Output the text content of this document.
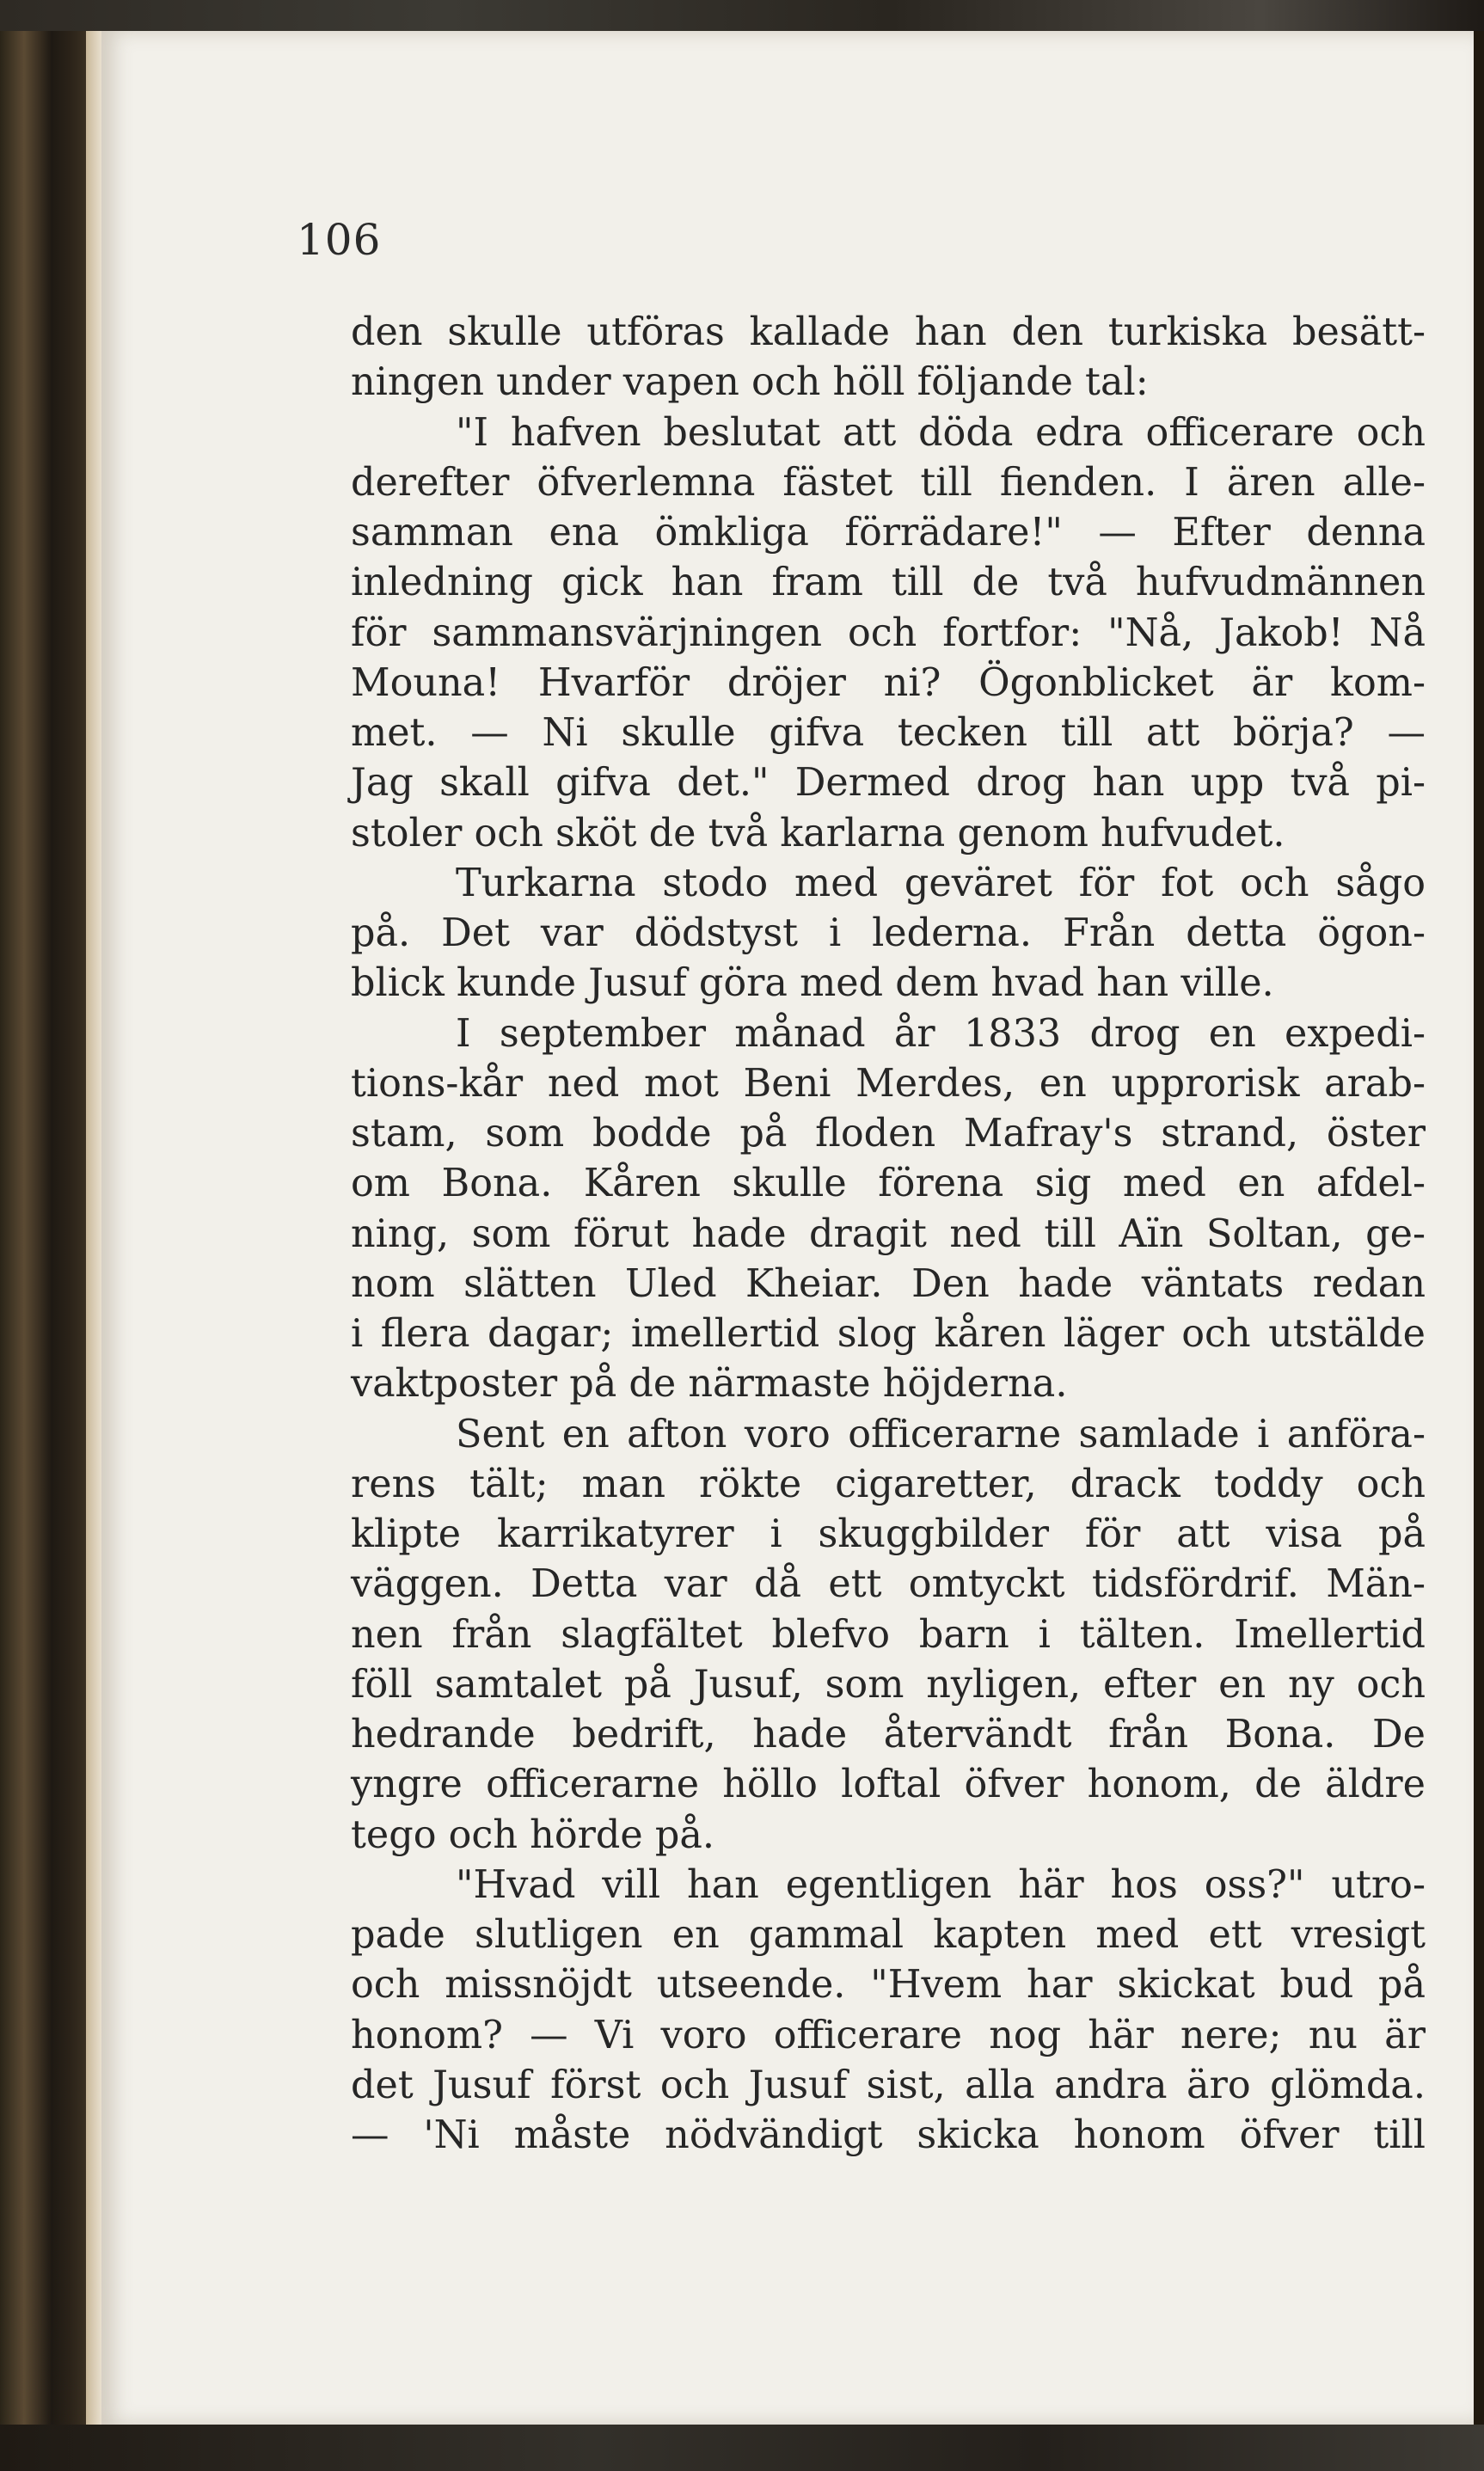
106
den skulle utföras kallade han den turkiska besätt-
ningen under vapen och höll följande tal:
"I hafven beslutat att döda edra officerare och
derefter öfverlemna fästet till fienden. I ären alle-
samman ena ömkliga förrädare!" — Efter denna
inledning gick han fram till de två hufvudmännen
för sammansvärjningen och fortfor: "Nå, Jakob! Nå
Mouna! Hvarför dröjer ni? Ögonblicket är kom-
met. — Ni skulle gifva tecken till att börja? —
Jag skall gifva det." Dermed drog han upp två pi-
stoler och sköt de två karlarna genom hufvudet.
Turkarna stodo med geväret för fot och sågo
på. Det var dödstyst i lederna. Från detta ögon-
blick kunde Jusuf göra med dem hvad han ville.
I september månad år 1833 drog en expedi-
tions-kår ned mot Beni Merdes, en upprorisk arab-
stam, som bodde på floden Mafray's strand, öster
om Bona. Kåren skulle förena sig med en afdel-
ning, som förut hade dragit ned till Aïn Soltan, ge-
nom slätten Uled Kheiar. Den hade väntats redan
i flera dagar; imellertid slog kåren läger och utstälde
vaktposter på de närmaste höjderna.
Sent en afton voro officerarne samlade i anföra-
rens tält; man rökte cigaretter, drack toddy och
klipte karrikatyrer i skuggbilder för att visa på
väggen. Detta var då ett omtyckt tidsfördrif. Män-
nen från slagfältet blefvo barn i tälten. Imellertid
föll samtalet på Jusuf, som nyligen, efter en ny och
hedrande bedrift, hade återvändt från Bona. De
yngre officerarne höllo loftal öfver honom, de äldre
tego och hörde på.
"Hvad vill han egentligen här hos oss?" utro-
pade slutligen en gammal kapten med ett vresigt
och missnöjdt utseende. "Hvem har skickat bud på
honom? — Vi voro officerare nog här nere; nu är
det Jusuf först och Jusuf sist, alla andra äro glömda.
— 'Ni måste nödvändigt skicka honom öfver till
